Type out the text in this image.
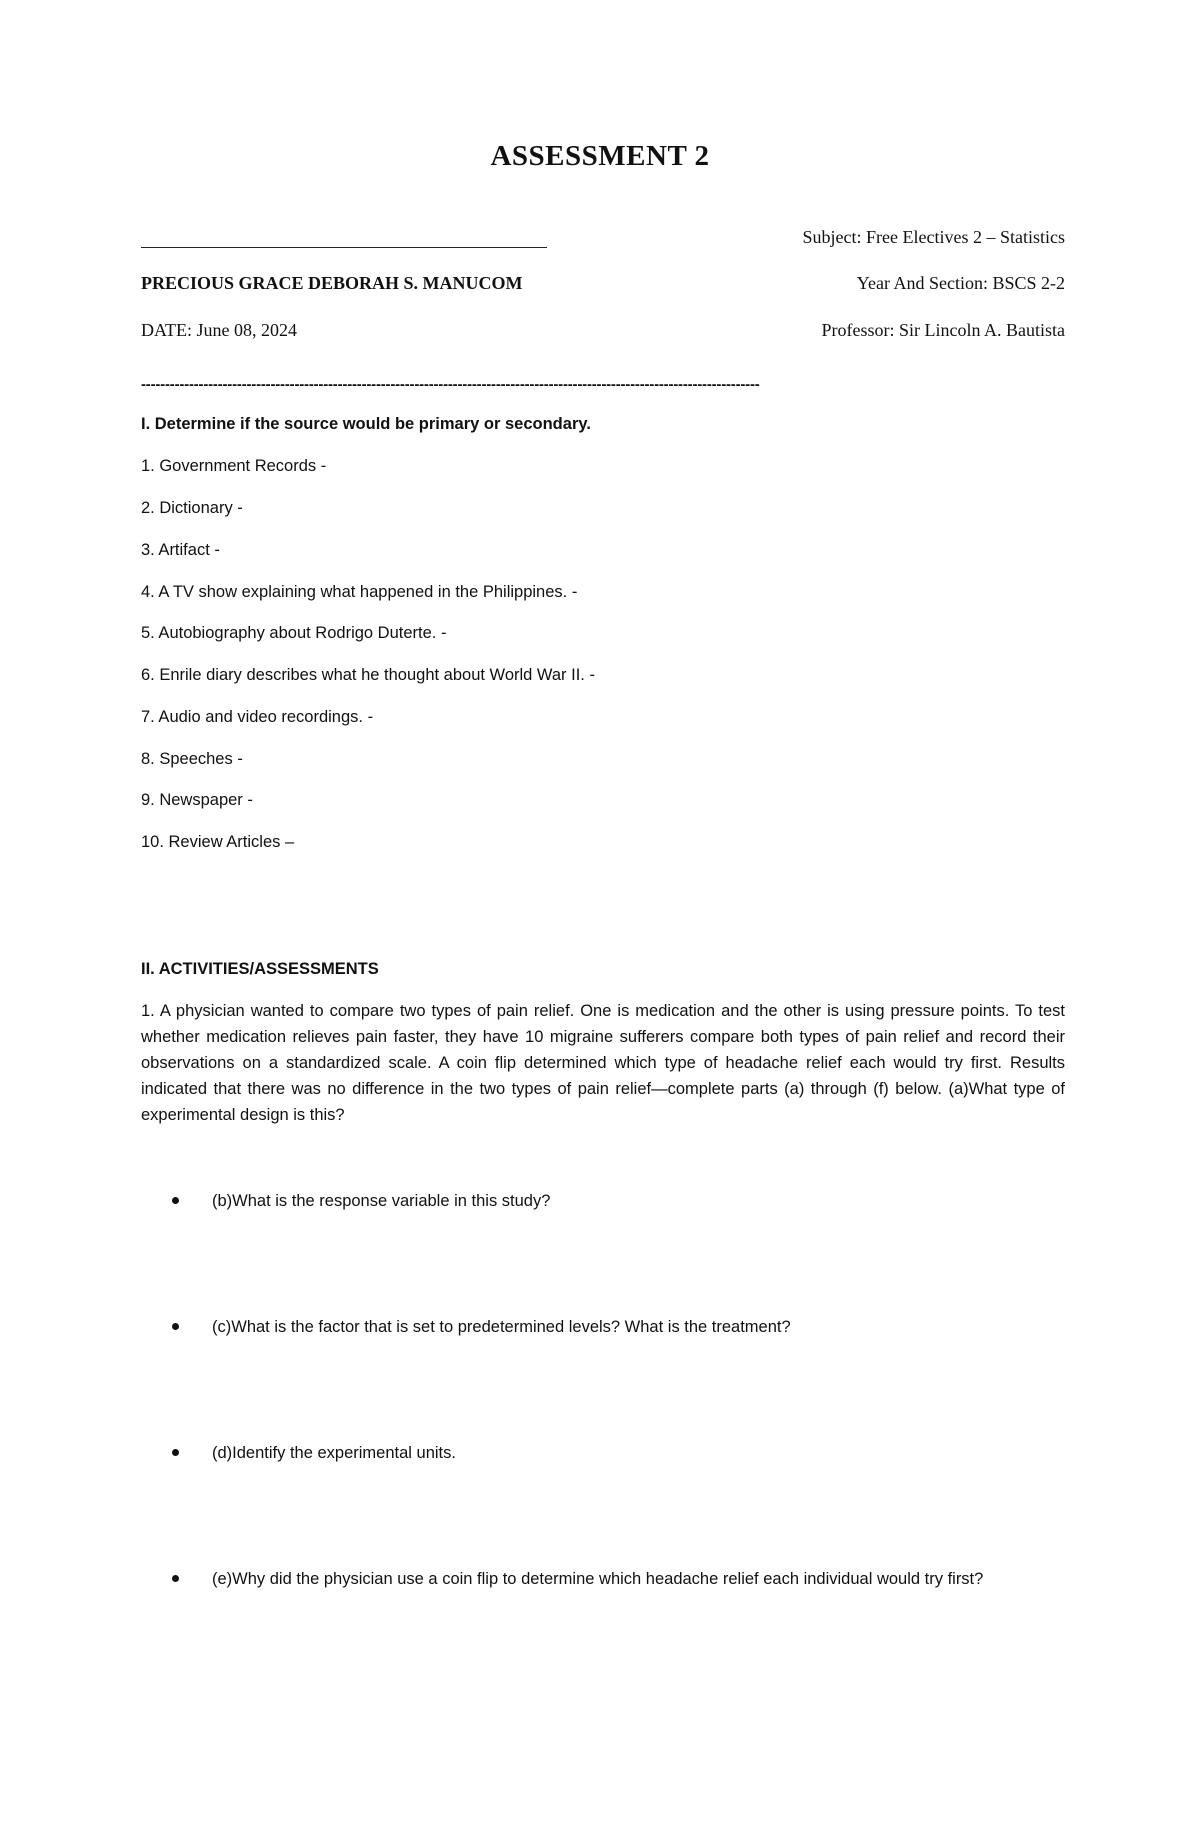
ASSESSMENT 2
PRECIOUS GRACE DEBORAH S. MANUCOM
DATE: June 08, 2024
Subject: Free Electives 2 – Statistics
Year And Section: BSCS 2-2
Professor: Sir Lincoln A. Bautista
---------------------------------------------------------------------------------------------------------------------------------
I. Determine if the source would be primary or secondary.
1. Government Records -
2. Dictionary -
3. Artifact -
4. A TV show explaining what happened in the Philippines. -
5. Autobiography about Rodrigo Duterte. -
6. Enrile diary describes what he thought about World War II. -
7. Audio and video recordings. -
8. Speeches -
9. Newspaper -
10. Review Articles –
II. ACTIVITIES/ASSESSMENTS
1. A physician wanted to compare two types of pain relief. One is medication and the other is using pressure points. To test whether medication relieves pain faster, they have 10 migraine sufferers compare both types of pain relief and record their observations on a standardized scale. A coin flip determined which type of headache relief each would try first. Results indicated that there was no difference in the two types of pain relief—complete parts (a) through (f) below. (a)What type of experimental design is this?
(b)What is the response variable in this study?
(c)What is the factor that is set to predetermined levels? What is the treatment?
(d)Identify the experimental units.
(e)Why did the physician use a coin flip to determine which headache relief each individual would try first?
